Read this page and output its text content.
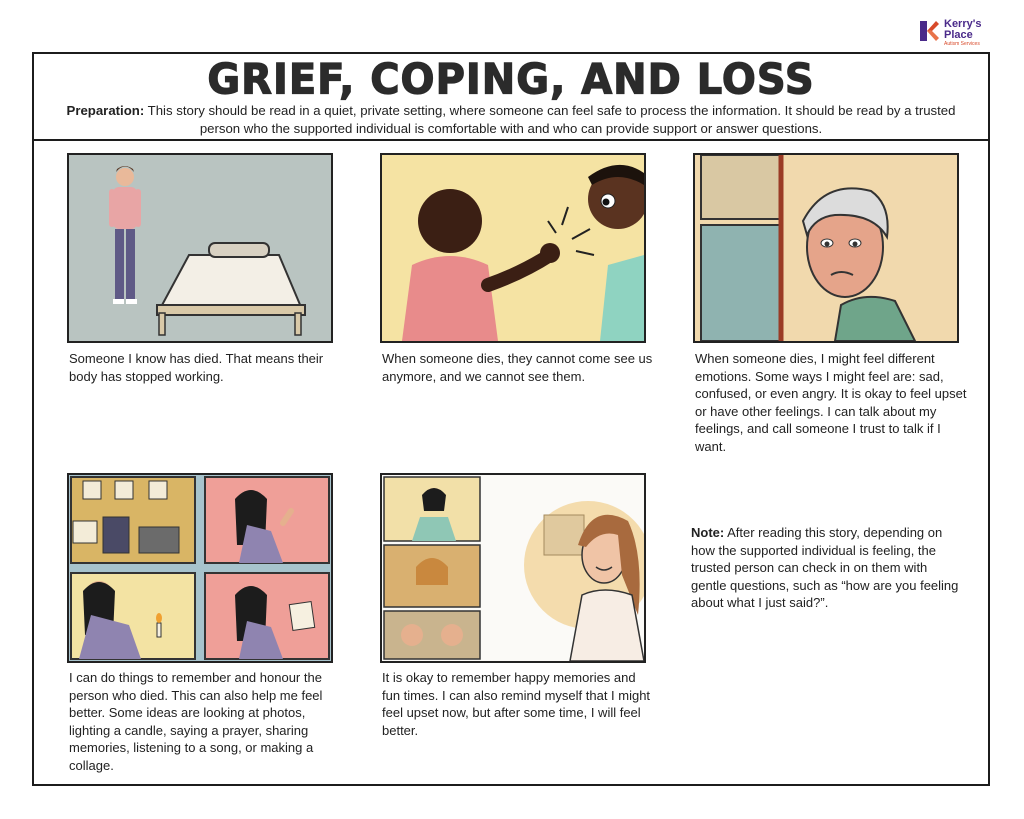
Kerry's
Place
Autism Services
GRIEF, COPING, AND LOSS
Preparation: This story should be read in a quiet, private setting, where someone can feel safe to process the information. It should be read by a trusted person who the supported individual is comfortable with and who can provide support or answer questions.
Someone I know has died. That means their body has stopped working.
When someone dies, they cannot come see us anymore, and we cannot see them.
When someone dies, I might feel different emotions. Some ways I might feel are: sad, confused, or even angry. It is okay to feel upset or have other feelings. I can talk about my feelings, and call someone I trust to talk if I want.
I can do things to remember and honour the person who died. This can also help me feel better. Some ideas are looking at photos, lighting a candle, saying a prayer, sharing memories, listening to a song, or making a collage.
It is okay to remember happy memories and fun times. I can also remind myself that I might feel upset now, but after some time, I will feel better.
Note: After reading this story, depending on how the supported individual is feeling, the trusted person can check in on them with gentle questions, such as “how are you feeling about what I just said?”.
